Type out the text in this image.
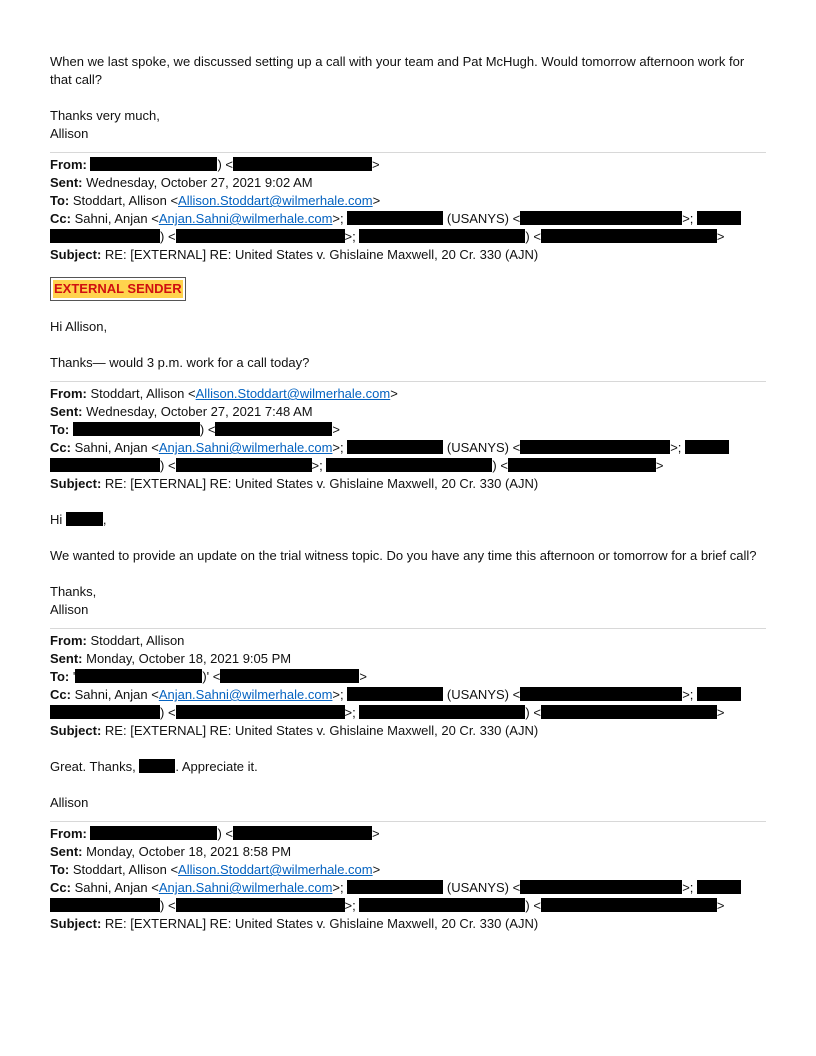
When we last spoke, we discussed setting up a call with your team and Pat McHugh. Would tomorrow afternoon work for that call?

Thanks very much,

Allison

From:	) <	>

Sent: Wednesday, October 27, 2021 9:02 AM

To: Stoddart, Allison <Allison.Stoddart@wilmerhale.com>

Cc: Sahni, Anjan <Anjan.Sahni@wilmerhale.com>;	(USANYS) <	>;
) <	>;	) <	>

Subject: RE: [EXTERNAL] RE: United States v. Ghislaine Maxwell, 20 Cr. 330 (AJN)

EXTERNAL SENDER

Hi Allison,

Thanks— would 3 p.m. work for a call today?

From: Stoddart, Allison <Allison.Stoddart@wilmerhale.com>

Sent: Wednesday, October 27, 2021 7:48 AM

To:	) <	>

Cc: Sahni, Anjan <Anjan.Sahni@wilmerhale.com>;	(USANYS) <	>;
) <	>;	) <	>

Subject: RE: [EXTERNAL] RE: United States v. Ghislaine Maxwell, 20 Cr. 330 (AJN)

Hi	,

We wanted to provide an update on the trial witness topic. Do you have any time this afternoon or tomorrow for a brief call?

Thanks,

Allison

From: Stoddart, Allison

Sent: Monday, October 18, 2021 9:05 PM

To: '	)' <	>

Cc: Sahni, Anjan <Anjan.Sahni@wilmerhale.com>;	(USANYS) <	>;
) <	>;	) <	>

Subject: RE: [EXTERNAL] RE: United States v. Ghislaine Maxwell, 20 Cr. 330 (AJN)

Great. Thanks,	. Appreciate it.

Allison

From:	) <	>

Sent: Monday, October 18, 2021 8:58 PM

To: Stoddart, Allison <Allison.Stoddart@wilmerhale.com>

Cc: Sahni, Anjan <Anjan.Sahni@wilmerhale.com>;	(USANYS) <	>;
) <	>;	) <	>

Subject: RE: [EXTERNAL] RE: United States v. Ghislaine Maxwell, 20 Cr. 330 (AJN)
